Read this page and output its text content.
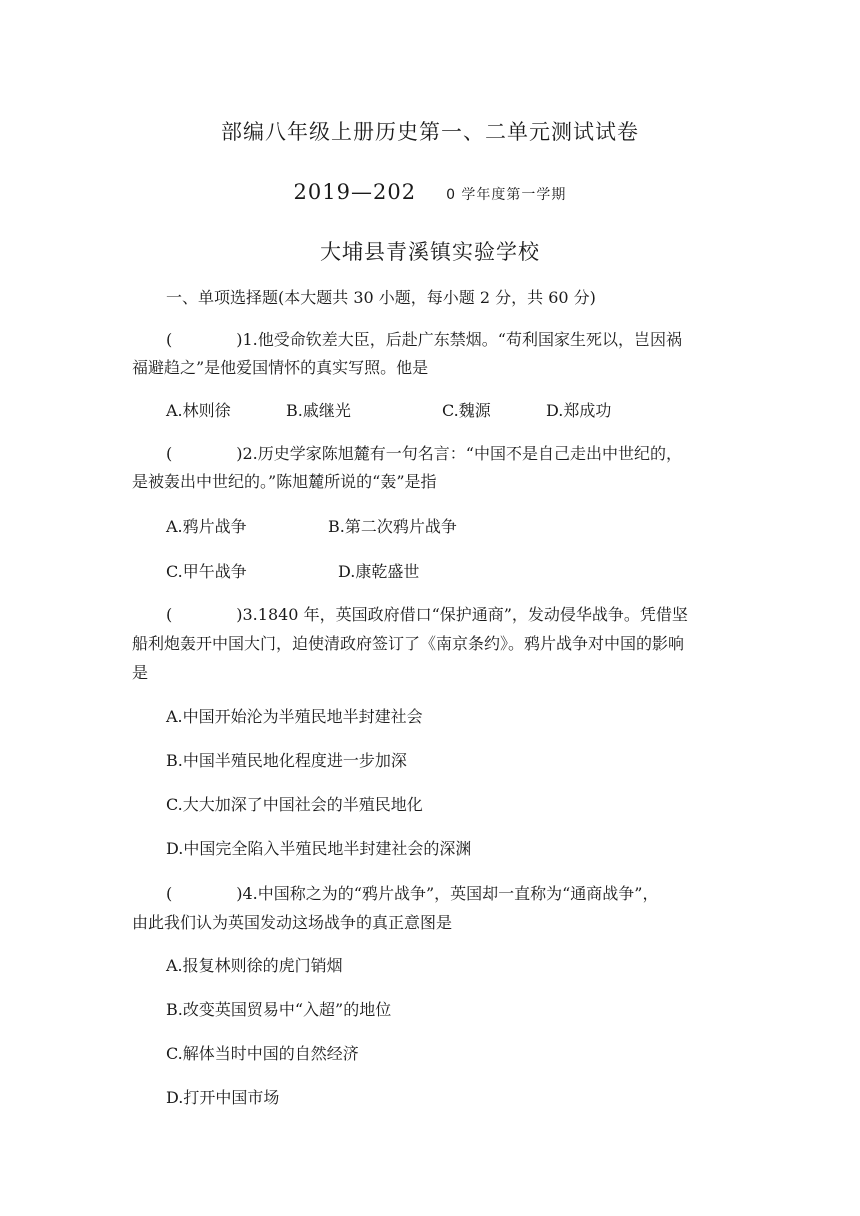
部编八年级上册历史第一、二单元测试试卷
2019—202 0 学年度第一学期
大埔县青溪镇实验学校
一、单项选择题(本大题共 30 小题，每小题 2 分，共 60 分)
(	)1.他受命钦差大臣，后赴广东禁烟。“苟利国家生死以，岂因祸
福避趋之”是他爱国情怀的真实写照。他是
A.林则徐	B.戚继光	C.魏源	D.郑成功
(	)2.历史学家陈旭麓有一句名言：“中国不是自己走出中世纪的，
是被轰出中世纪的。”陈旭麓所说的“轰”是指
A.鸦片战争	B.第二次鸦片战争
C.甲午战争	D.康乾盛世
(	)3.1840 年，英国政府借口“保护通商”，发动侵华战争。凭借坚
船利炮轰开中国大门，迫使清政府签订了《南京条约》。鸦片战争对中国的影响
是
A.中国开始沦为半殖民地半封建社会
B.中国半殖民地化程度进一步加深
C.大大加深了中国社会的半殖民地化
D.中国完全陷入半殖民地半封建社会的深渊
(	)4.中国称之为的“鸦片战争”，英国却一直称为“通商战争”，
由此我们认为英国发动这场战争的真正意图是
A.报复林则徐的虎门销烟
B.改变英国贸易中“入超”的地位
C.解体当时中国的自然经济
D.打开中国市场
